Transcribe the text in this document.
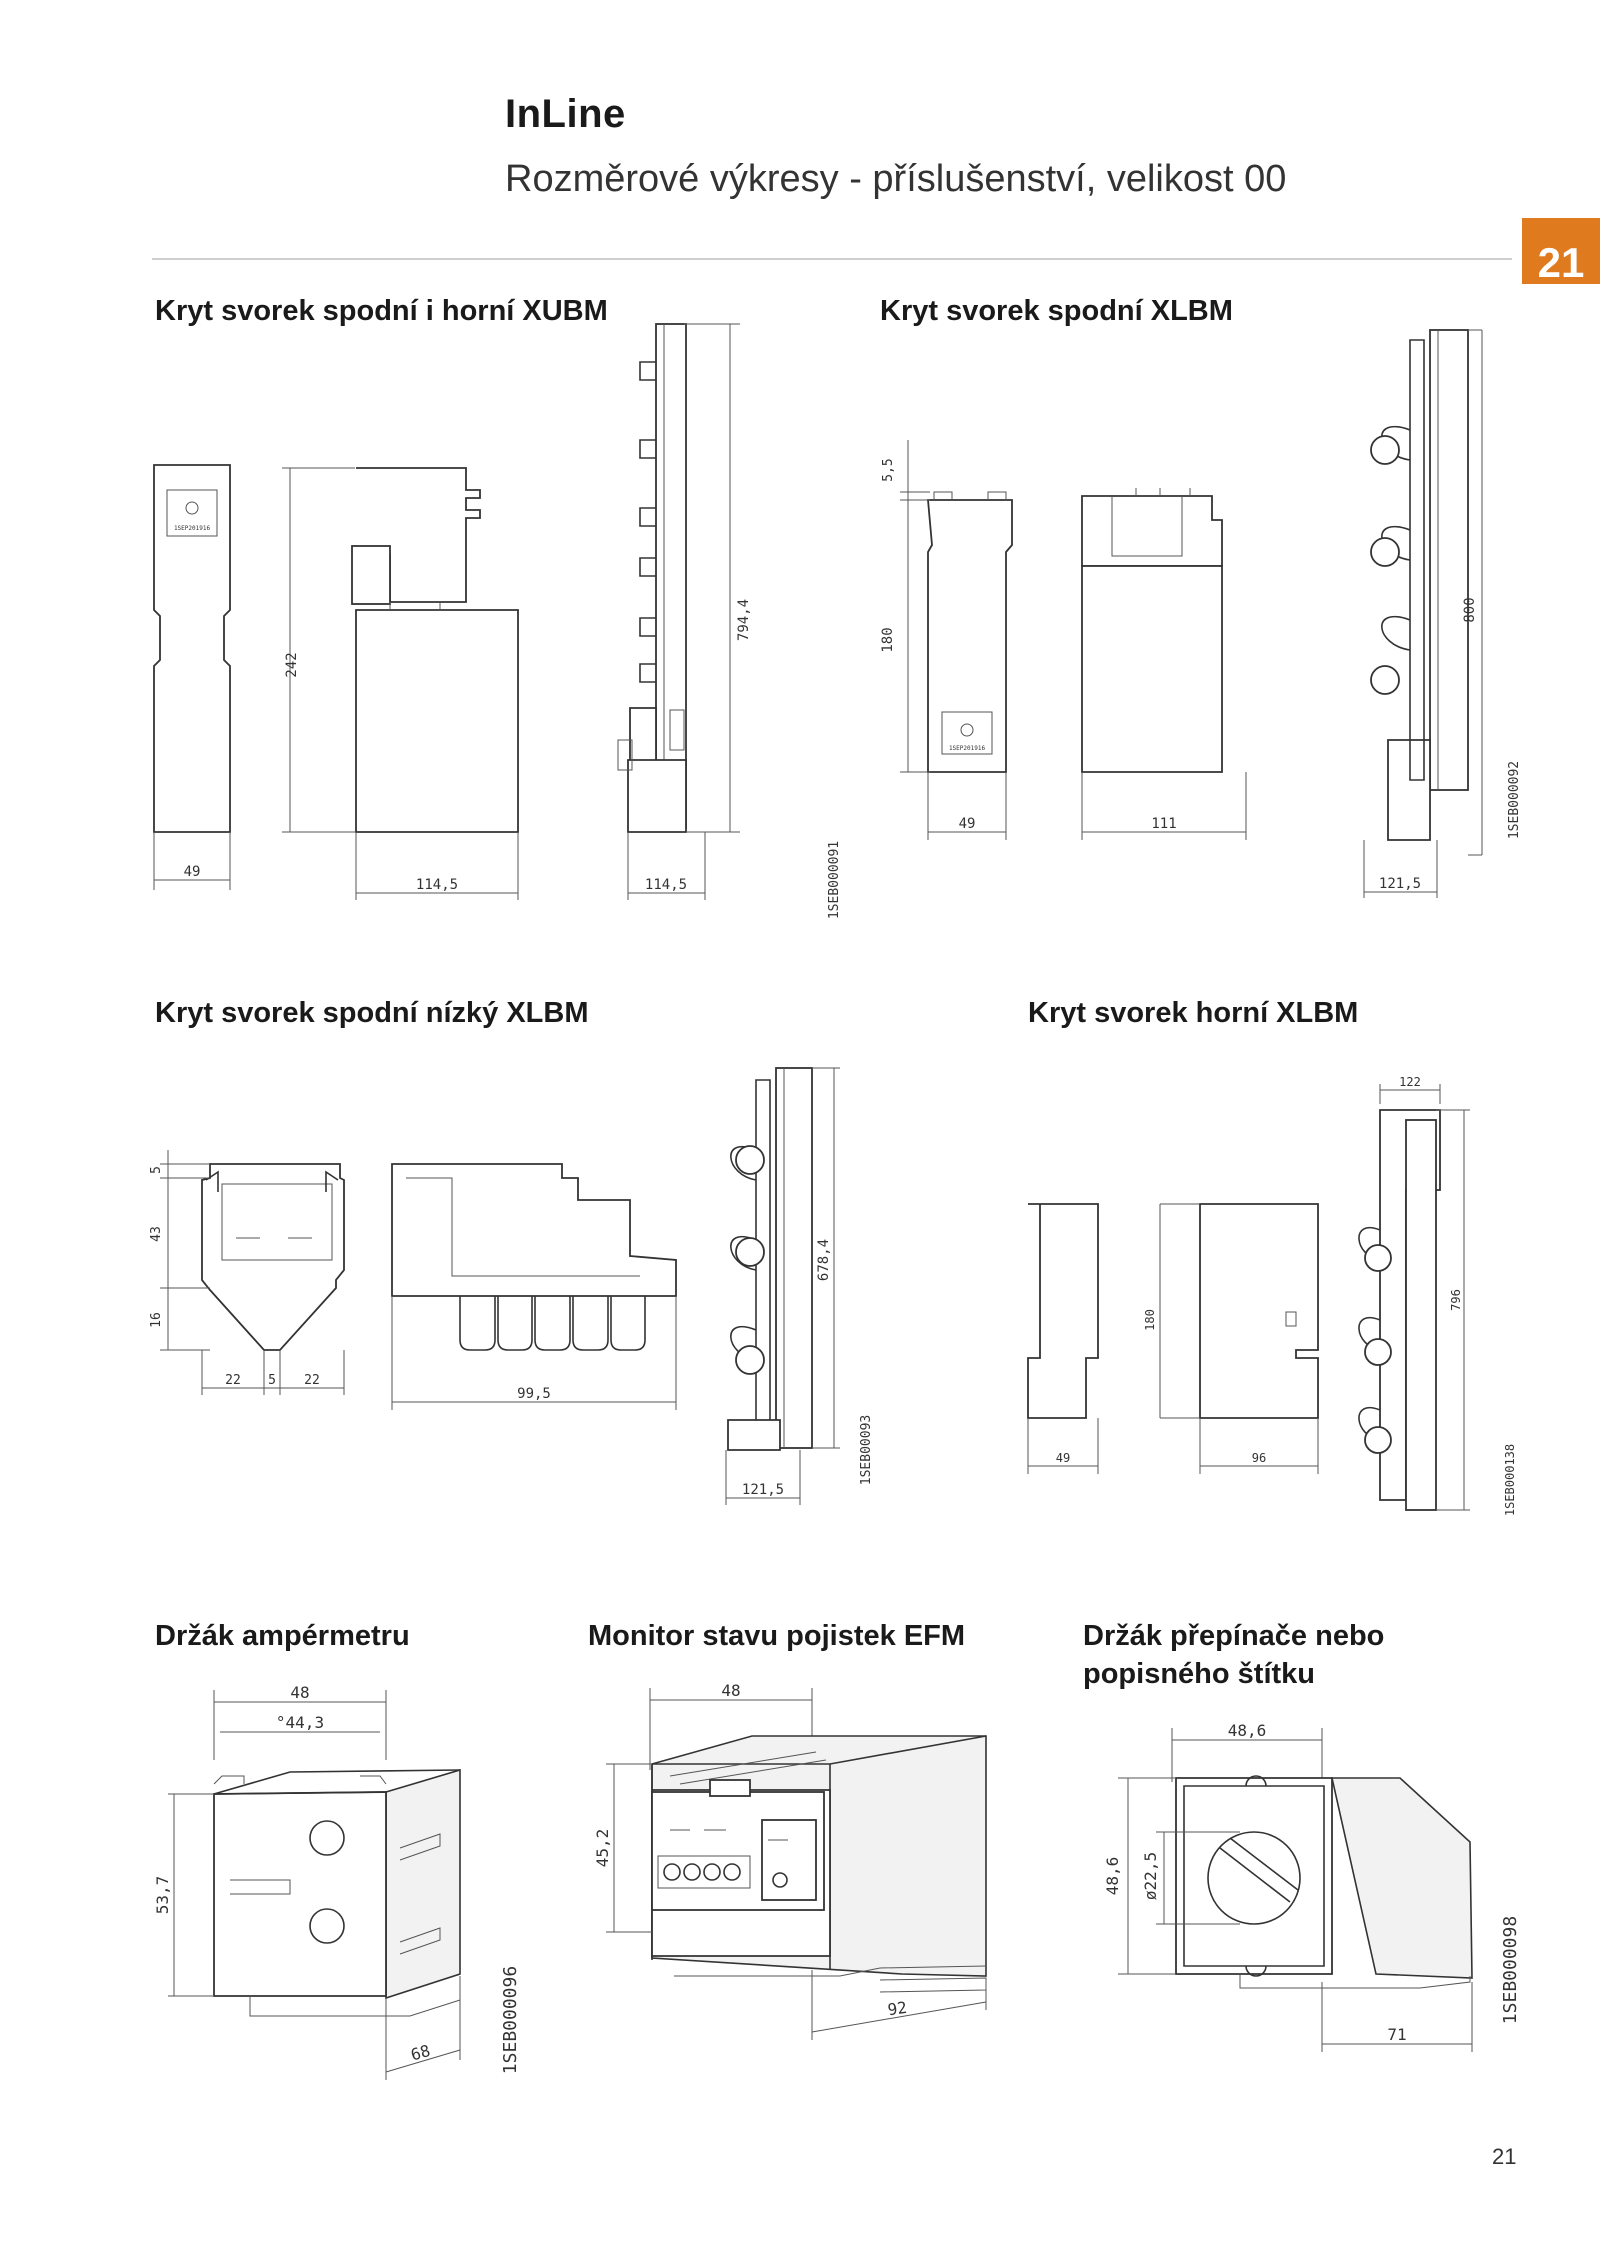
InLine
Rozměrové výkresy - příslušenství, velikost 00
21
Kryt svorek spodní i horní XUBM	Kryt svorek spodní XLBM
Kryt svorek spodní nízký XLBM	Kryt svorek horní XLBM
Držák ampérmetru	Monitor stavu pojistek EFM	Držák přepínače nebo
popisného štítku
1SEP201916
49
242
114,5
794,4
114,5	1SEB000091
1SEP201916
5,5
180
49	111
800
121,5
1SEB000092
5
43
16
22 5 22
99,5
678,4
121,5
1SEB00093	49
180
96
122
796
1SEB000138
48
°44,3
53,7
68	1SEB000096
48
45,2
92
48,6
48,6 ø22,5
71
1SEB000098
21
